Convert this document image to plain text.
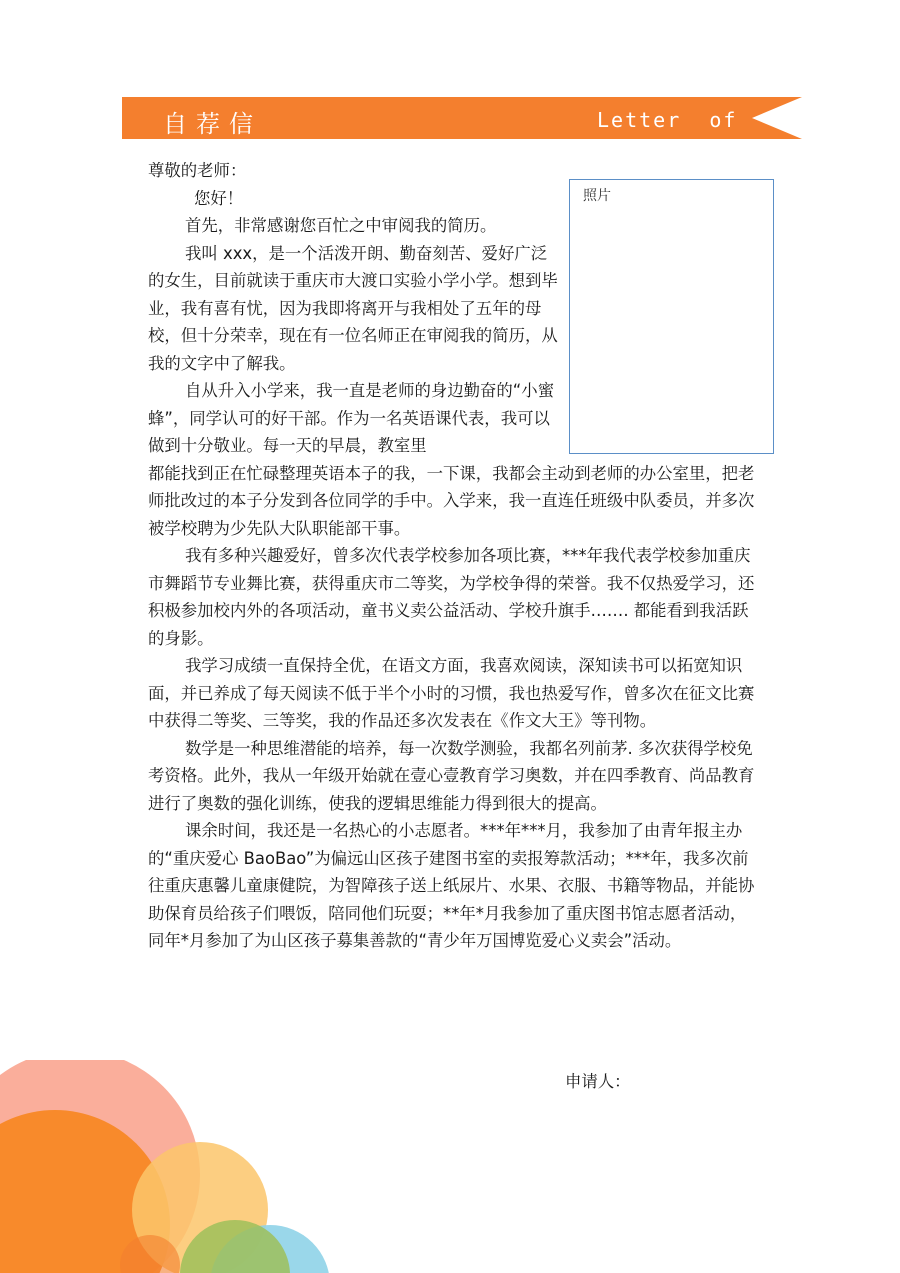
自荐信	Letter  of
照片

尊敬的老师：

您好！

首先，非常感谢您百忙之中审阅我的简历。

我叫 xxx，是一个活泼开朗、勤奋刻苦、爱好广泛的女生，目前就读于重庆市大渡口实验小学小学。想到毕业，我有喜有忧，因为我即将离开与我相处了五年的母校，但十分荣幸，现在有一位名师正在审阅我的简历，从我的文字中了解我。

自从升入小学来，我一直是老师的身边勤奋的“小蜜蜂”，同学认可的好干部。作为一名英语课代表，我可以做到十分敬业。每一天的早晨，教室里

都能找到正在忙碌整理英语本子的我，一下课，我都会主动到老师的办公室里，把老师批改过的本子分发到各位同学的手中。入学来，我一直连任班级中队委员，并多次被学校聘为少先队大队职能部干事。

我有多种兴趣爱好，曾多次代表学校参加各项比赛，***年我代表学校参加重庆市舞蹈节专业舞比赛，获得重庆市二等奖，为学校争得的荣誉。我不仅热爱学习，还积极参加校内外的各项活动，童书义卖公益活动、学校升旗手……. 都能看到我活跃的身影。

我学习成绩一直保持全优，在语文方面，我喜欢阅读，深知读书可以拓宽知识面，并已养成了每天阅读不低于半个小时的习惯，我也热爱写作，曾多次在征文比赛中获得二等奖、三等奖，我的作品还多次发表在《作文大王》等刊物。

数学是一种思维潜能的培养，每一次数学测验，我都名列前茅. 多次获得学校免考资格。此外，我从一年级开始就在壹心壹教育学习奥数，并在四季教育、尚品教育进行了奥数的强化训练，使我的逻辑思维能力得到很大的提高。

课余时间，我还是一名热心的小志愿者。***年***月，我参加了由青年报主办的“重庆爱心 BaoBao”为偏远山区孩子建图书室的卖报筹款活动；***年，我多次前往重庆惠馨儿童康健院，为智障孩子送上纸尿片、水果、衣服、书籍等物品，并能协助保育员给孩子们喂饭，陪同他们玩耍；**年*月我参加了重庆图书馆志愿者活动，同年*月参加了为山区孩子募集善款的“青少年万国博览爱心义卖会”活动。

申请人：
